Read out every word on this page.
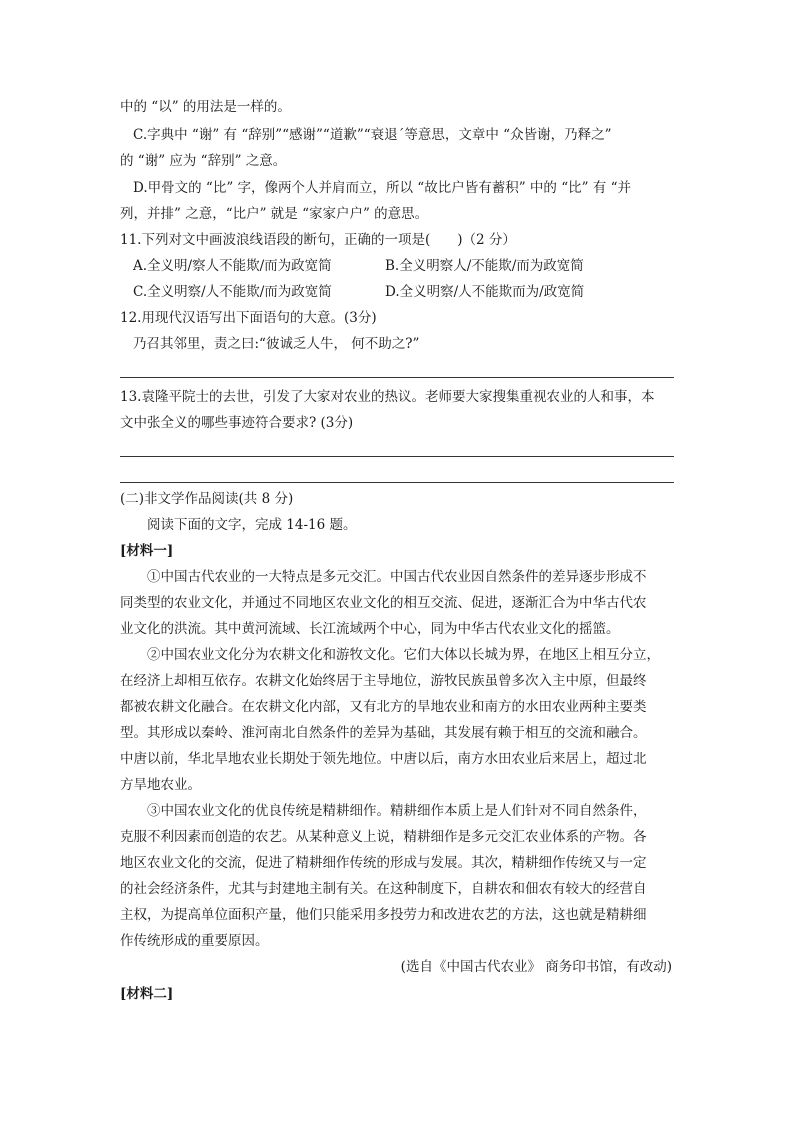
中的 “以” 的用法是一样的。
C.字典中 “谢” 有 “辞别”“感谢”“道歉”“衰退ˊ等意思，文章中 “众皆谢，乃释之”
的 “谢” 应为 “辞别” 之意。
D.甲骨文的 “比” 字，像两个人并肩而立，所以 “故比户皆有蓄积” 中的 “比” 有 “并
列，并排” 之意，“比户” 就是 “家家户户” 的意思。
11.下列对文中画波浪线语段的断句，正确的一项是(　　)（2 分）
A.全义明/察人不能欺/而为政宽简	B.全义明察人/不能欺/而为政宽简
C.全义明察/人不能欺/而为政宽简	D.全义明察/人不能欺而为/政宽简
12.用现代汉语写出下面语句的大意。(3分)
乃召其邻里，责之曰:“彼诚乏人牛， 何不助之?”
13.袁隆平院士的去世，引发了大家对农业的热议。老师要大家搜集重视农业的人和事，本
文中张全义的哪些事迹符合要求? (3分)
(二)非文学作品阅读(共 8 分)
阅读下面的文字，完成 14-16 题。
[材料一]
①中国古代农业的一大特点是多元交汇。中国古代农业因自然条件的差异逐步形成不
同类型的农业文化，并通过不同地区农业文化的相互交流、促进，逐渐汇合为中华古代农
业文化的洪流。其中黄河流域、长江流域两个中心，同为中华古代农业文化的摇篮。
②中国农业文化分为农耕文化和游牧文化。它们大体以长城为界，在地区上相互分立，
在经济上却相互依存。农耕文化始终居于主导地位，游牧民族虽曾多次入主中原，但最终
都被农耕文化融合。在农耕文化内部，又有北方的旱地农业和南方的水田农业两种主要类
型。其形成以秦岭、淮河南北自然条件的差异为基础，其发展有赖于相互的交流和融合。
中唐以前，华北旱地农业长期处于领先地位。中唐以后，南方水田农业后来居上，超过北
方旱地农业。
③中国农业文化的优良传统是精耕细作。精耕细作本质上是人们针对不同自然条件，
克服不利因素而创造的农艺。从某种意义上说，精耕细作是多元交汇农业体系的产物。各
地区农业文化的交流，促进了精耕细作传统的形成与发展。其次，精耕细作传统又与一定
的社会经济条件，尤其与封建地主制有关。在这种制度下，自耕农和佃农有较大的经营自
主权，为提高单位面积产量，他们只能采用多投劳力和改进农艺的方法，这也就是精耕细
作传统形成的重要原因。
(选自《中国古代农业》 商务印书馆，有改动)
[材料二]
